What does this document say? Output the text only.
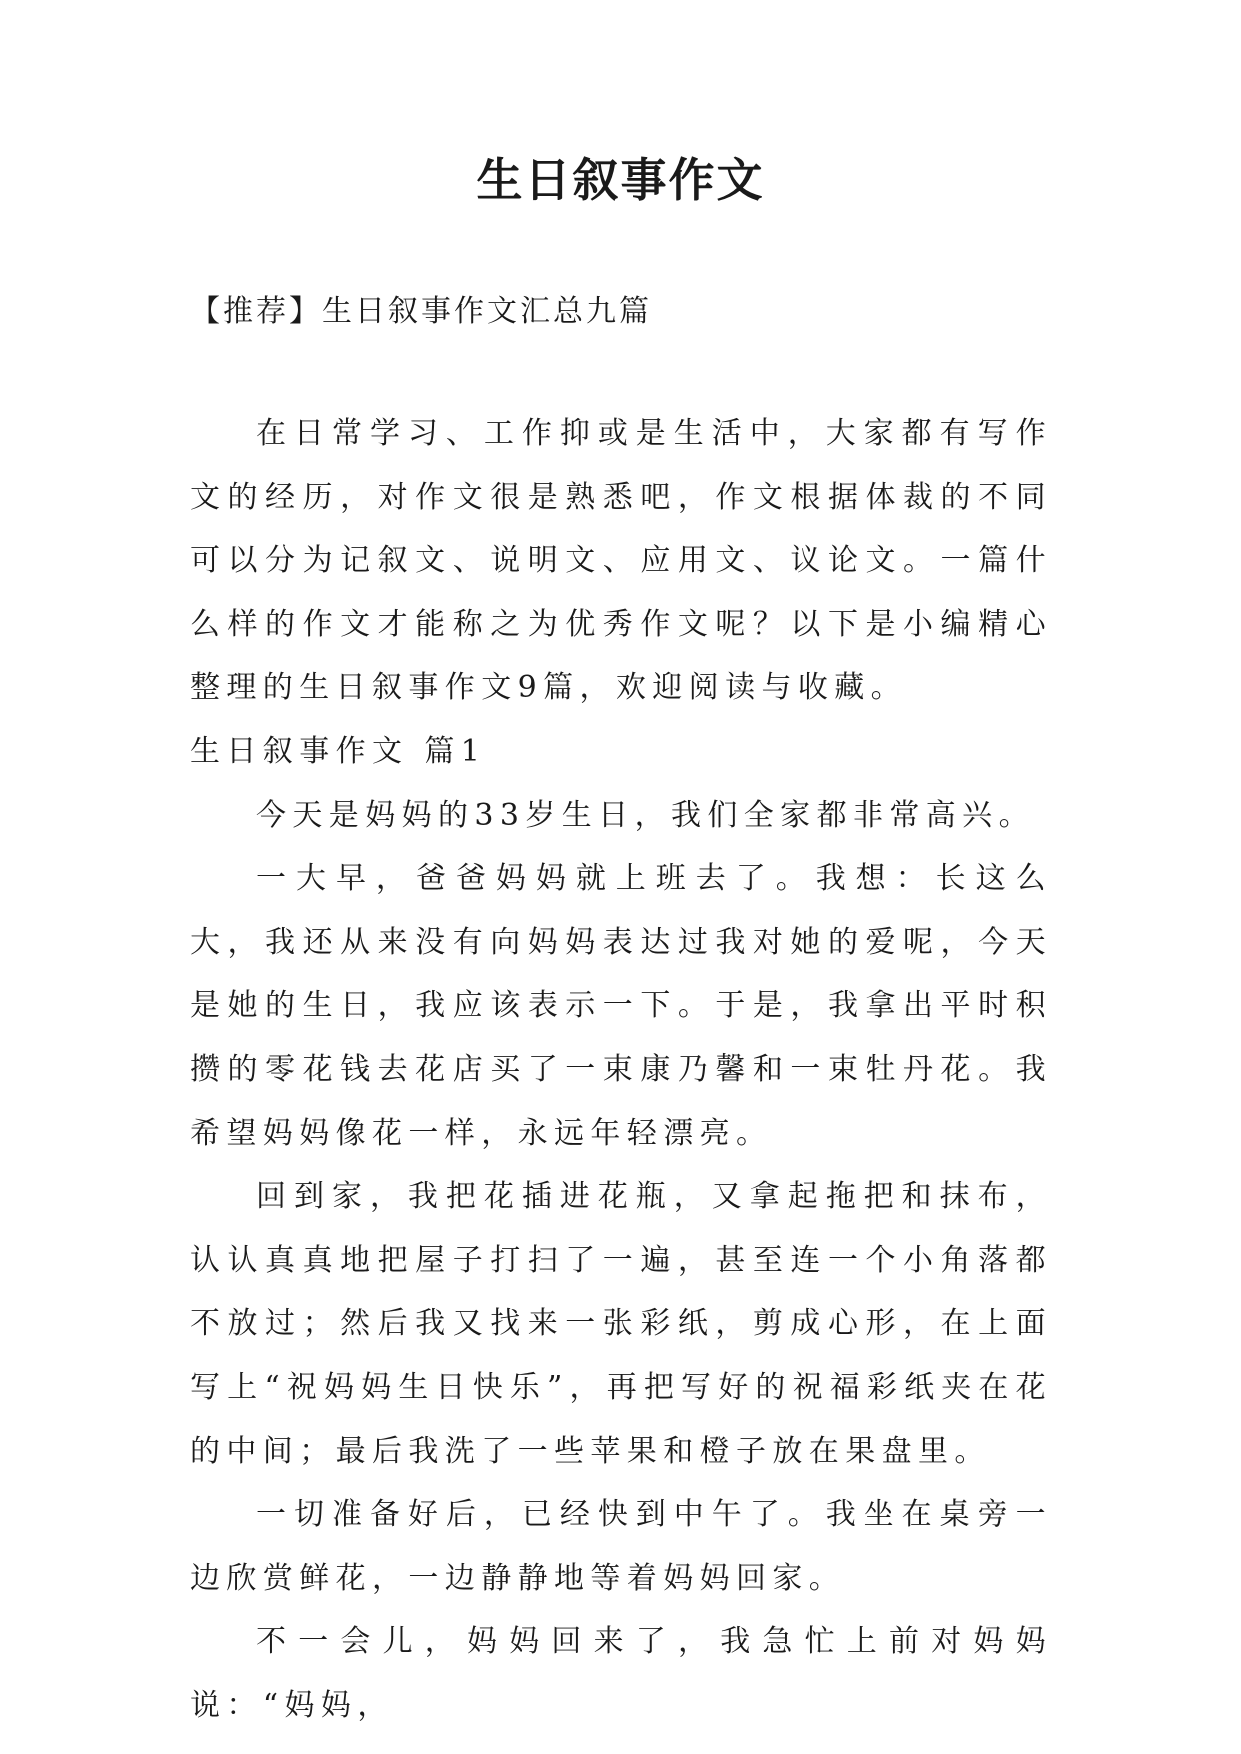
生日叙事作文

【推荐】生日叙事作文汇总九篇

在日常学习、工作抑或是生活中，大家都有写作文的经历，对作文很是熟悉吧，作文根据体裁的不同可以分为记叙文、说明文、应用文、议论文。一篇什么样的作文才能称之为优秀作文呢？以下是小编精心整理的生日叙事作文9篇，欢迎阅读与收藏。

生日叙事作文 篇1

今天是妈妈的33岁生日，我们全家都非常高兴。

一大早，爸爸妈妈就上班去了。我想：长这么大，我还从来没有向妈妈表达过我对她的爱呢，今天是她的生日，我应该表示一下。于是，我拿出平时积攒的零花钱去花店买了一束康乃馨和一束牡丹花。我希望妈妈像花一样，永远年轻漂亮。

回到家，我把花插进花瓶，又拿起拖把和抹布，认认真真地把屋子打扫了一遍，甚至连一个小角落都不放过；然后我又找来一张彩纸，剪成心形，在上面写上“祝妈妈生日快乐”，再把写好的祝福彩纸夹在花的中间；最后我洗了一些苹果和橙子放在果盘里。

一切准备好后，已经快到中午了。我坐在桌旁一边欣赏鲜花，一边静静地等着妈妈回家。

不一会儿，妈妈回来了，我急忙上前对妈妈说：“妈妈，
